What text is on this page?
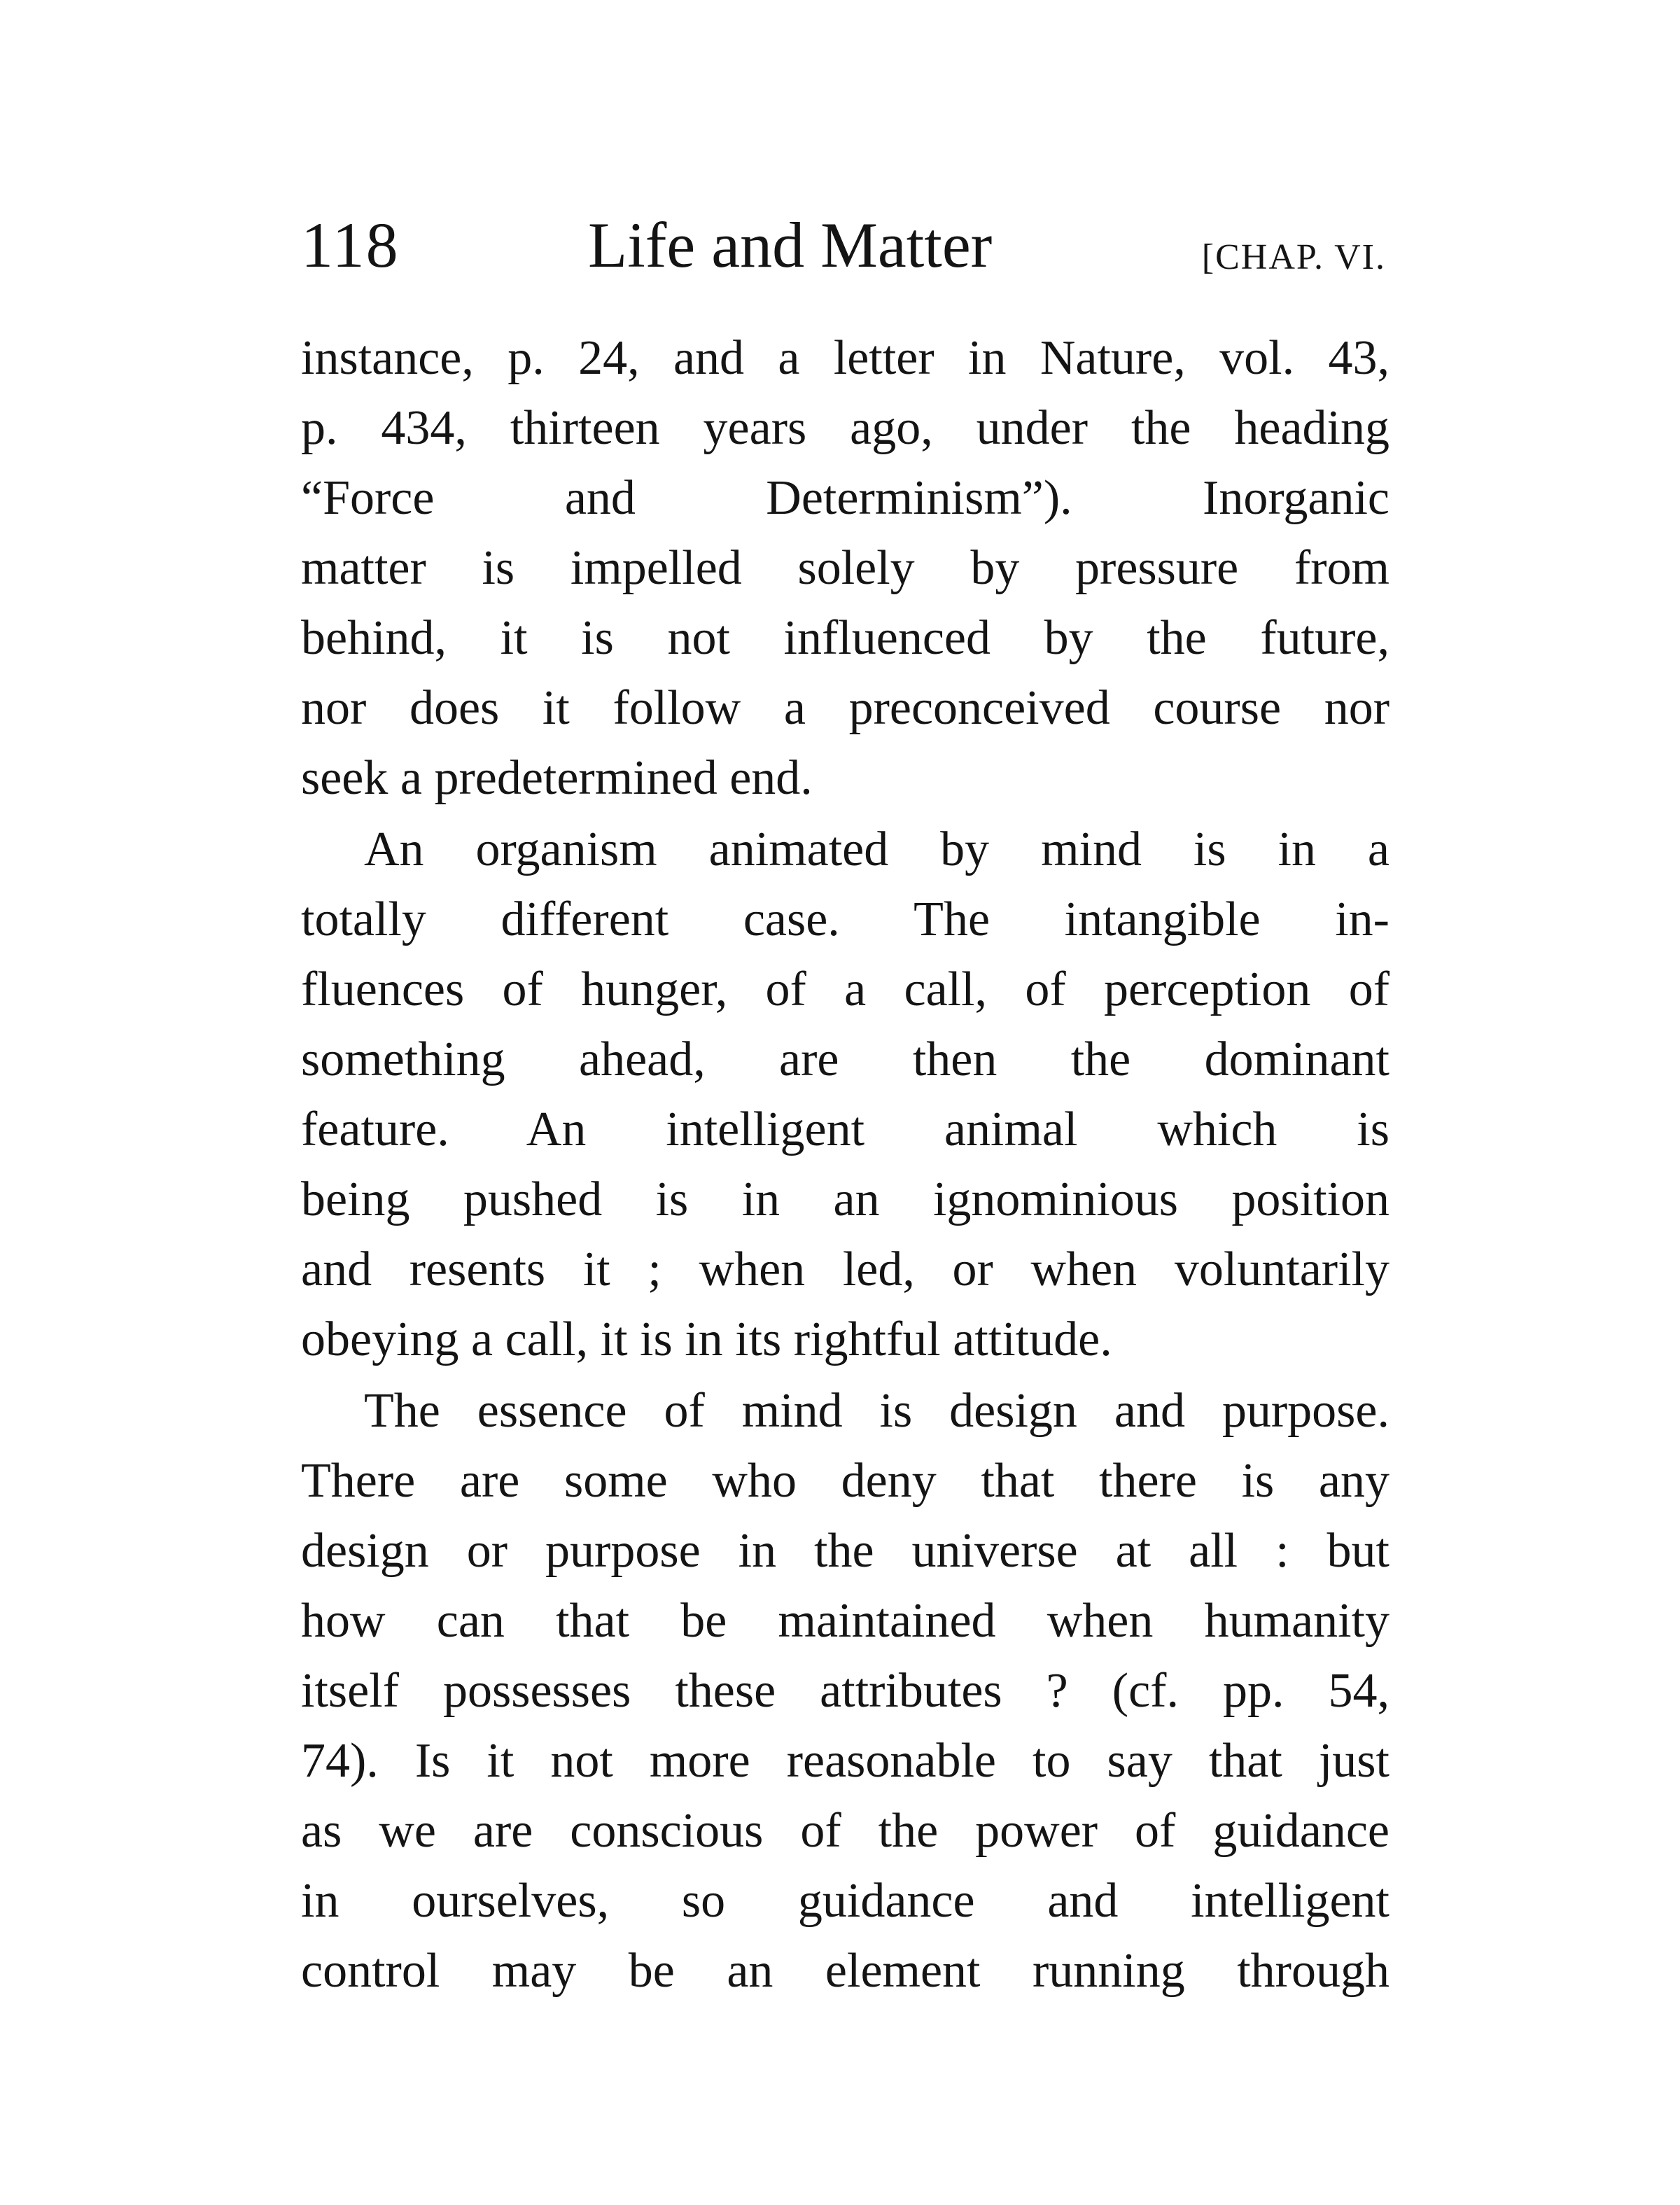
118	Life and Matter	[CHAP. VI.
instance, p. 24, and a letter in Nature, vol. 43,
p. 434, thirteen years ago, under the heading
“Force and Determinism”). Inorganic
matter is impelled solely by pressure from
behind, it is not influenced by the future,
nor does it follow a preconceived course nor
seek a predetermined end.
An organism animated by mind is in a
totally different case. The intangible in-
fluences of hunger, of a call, of perception of
something ahead, are then the dominant
feature. An intelligent animal which is
being pushed is in an ignominious position
and resents it ; when led, or when voluntarily
obeying a call, it is in its rightful attitude.
The essence of mind is design and purpose.
There are some who deny that there is any
design or purpose in the universe at all : but
how can that be maintained when humanity
itself possesses these attributes ? (cf. pp. 54,
74). Is it not more reasonable to say that just
as we are conscious of the power of guidance
in ourselves, so guidance and intelligent
control may be an element running through
